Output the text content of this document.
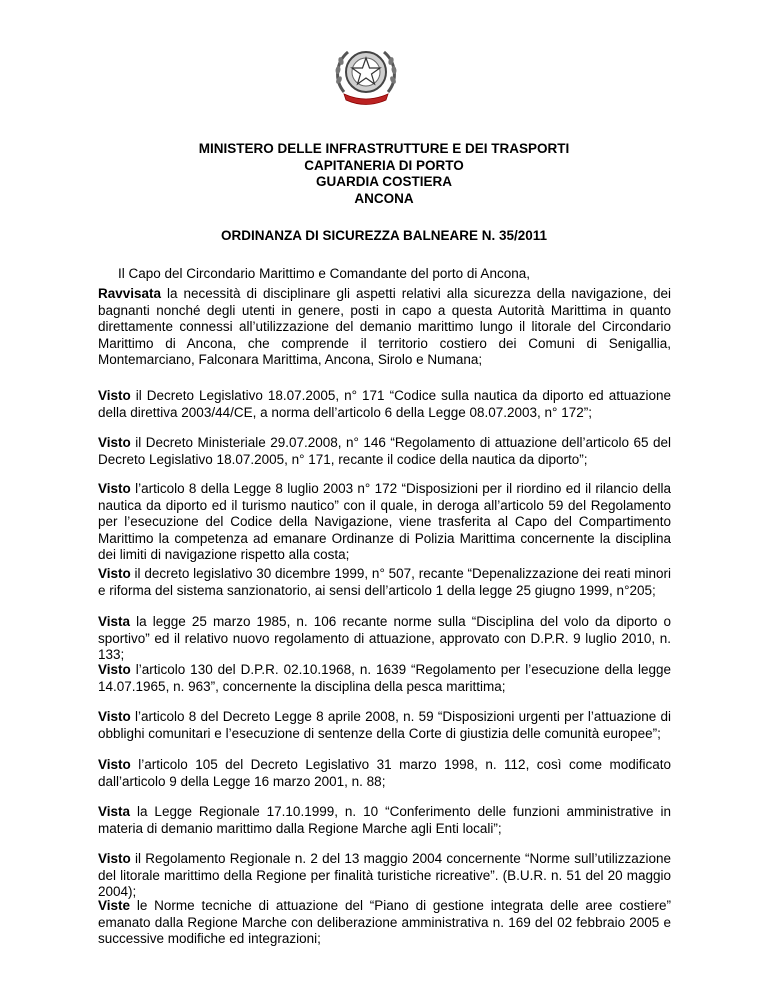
MINISTERO DELLE INFRASTRUTTURE E DEI TRASPORTI
CAPITANERIA DI PORTO
GUARDIA COSTIERA
ANCONA
ORDINANZA DI SICUREZZA BALNEARE N. 35/2011
Il Capo del Circondario Marittimo e Comandante del porto di Ancona,

Ravvisata la necessità di disciplinare gli aspetti relativi alla sicurezza della navigazione, dei bagnanti nonché degli utenti in genere, posti in capo a questa Autorità Marittima in quanto direttamente connessi all’utilizzazione del demanio marittimo lungo il litorale del Circondario Marittimo di Ancona, che comprende il territorio costiero dei Comuni di Senigallia, Montemarciano, Falconara Marittima, Ancona, Sirolo e Numana;

Visto il Decreto Legislativo 18.07.2005, n° 171 “Codice sulla nautica da diporto ed attuazione della direttiva 2003/44/CE, a norma dell’articolo 6 della Legge 08.07.2003, n° 172”;

Visto il Decreto Ministeriale 29.07.2008, n° 146 “Regolamento di attuazione dell’articolo 65 del Decreto Legislativo 18.07.2005, n° 171, recante il codice della nautica da diporto”;

Visto l’articolo 8 della Legge 8 luglio 2003 n° 172 “Disposizioni per il riordino ed il rilancio della nautica da diporto ed il turismo nautico” con il quale, in deroga all’articolo 59 del Regolamento per l’esecuzione del Codice della Navigazione, viene trasferita al Capo del Compartimento Marittimo la competenza ad emanare Ordinanze di Polizia Marittima concernente la disciplina dei limiti di navigazione rispetto alla costa;

Visto il decreto legislativo 30 dicembre 1999, n° 507, recante “Depenalizzazione dei reati minori e riforma del sistema sanzionatorio, ai sensi dell’articolo 1 della legge 25 giugno 1999, n°205;

Vista la legge 25 marzo 1985, n. 106 recante norme sulla “Disciplina del volo da diporto o sportivo” ed il relativo nuovo regolamento di attuazione, approvato con D.P.R. 9 luglio 2010, n. 133;

Visto l’articolo 130 del D.P.R. 02.10.1968, n. 1639 “Regolamento per l’esecuzione della legge 14.07.1965, n. 963”, concernente la disciplina della pesca marittima;

Visto l’articolo 8 del Decreto Legge 8 aprile 2008, n. 59 “Disposizioni urgenti per l’attuazione di obblighi comunitari e l’esecuzione di sentenze della Corte di giustizia delle comunità europee”;

Visto l’articolo 105 del Decreto Legislativo 31 marzo 1998, n. 112, così come modificato dall’articolo 9 della Legge 16 marzo 2001, n. 88;

Vista la Legge Regionale 17.10.1999, n. 10 “Conferimento delle funzioni amministrative in materia di demanio marittimo dalla Regione Marche agli Enti locali”;

Visto il Regolamento Regionale n. 2 del 13 maggio 2004 concernente “Norme sull’utilizzazione del litorale marittimo della Regione per finalità turistiche ricreative”. (B.U.R. n. 51 del 20 maggio 2004);

Viste le Norme tecniche di attuazione del “Piano di gestione integrata delle aree costiere” emanato dalla Regione Marche con deliberazione amministrativa n. 169 del 02 febbraio 2005 e successive modifiche ed integrazioni;
